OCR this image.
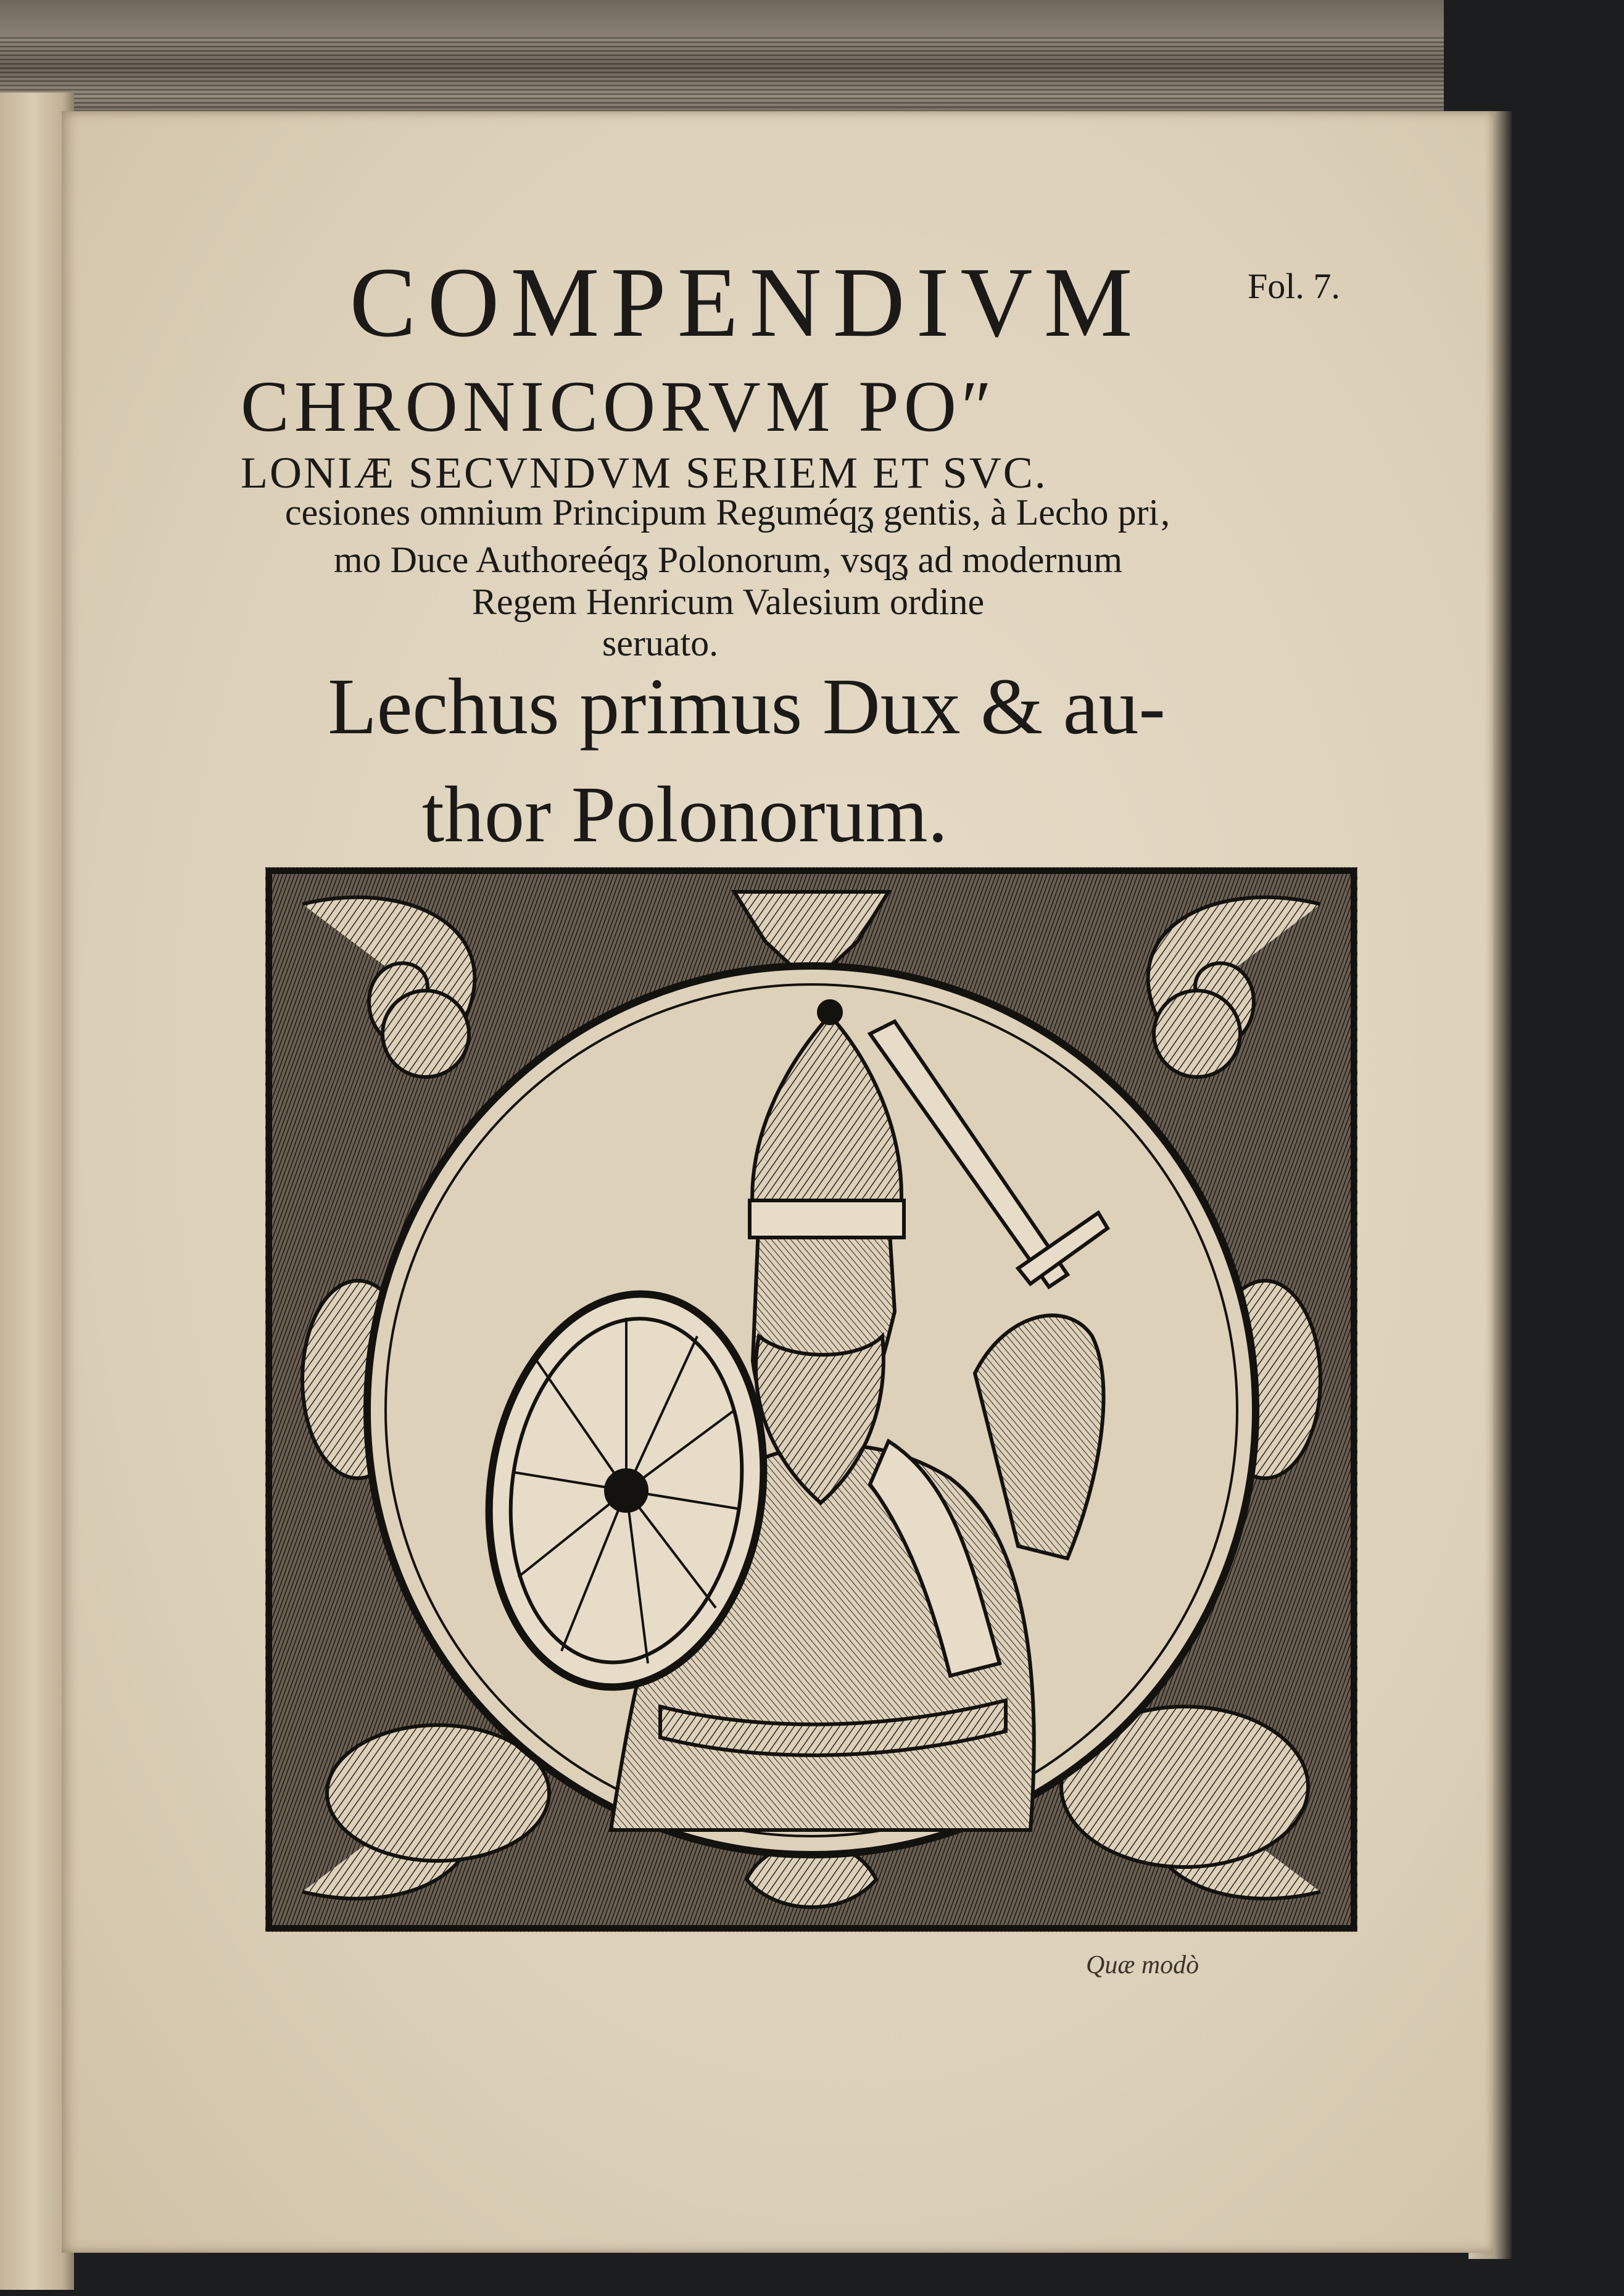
Fol. 7.
COMPENDIVM
CHRONICORVM PO″
LONIÆ SECVNDVM SERIEM ET SVC.
cesiones omnium Principum Reguméqʓ gentis, à Lecho pri‚
mo Duce Authoreéqʓ Polonorum, vsqʓ ad modernum
Regem Henricum Valesium ordine
seruato.
Lechus primus Dux & au-
thor Polonorum.
Quæ modò
